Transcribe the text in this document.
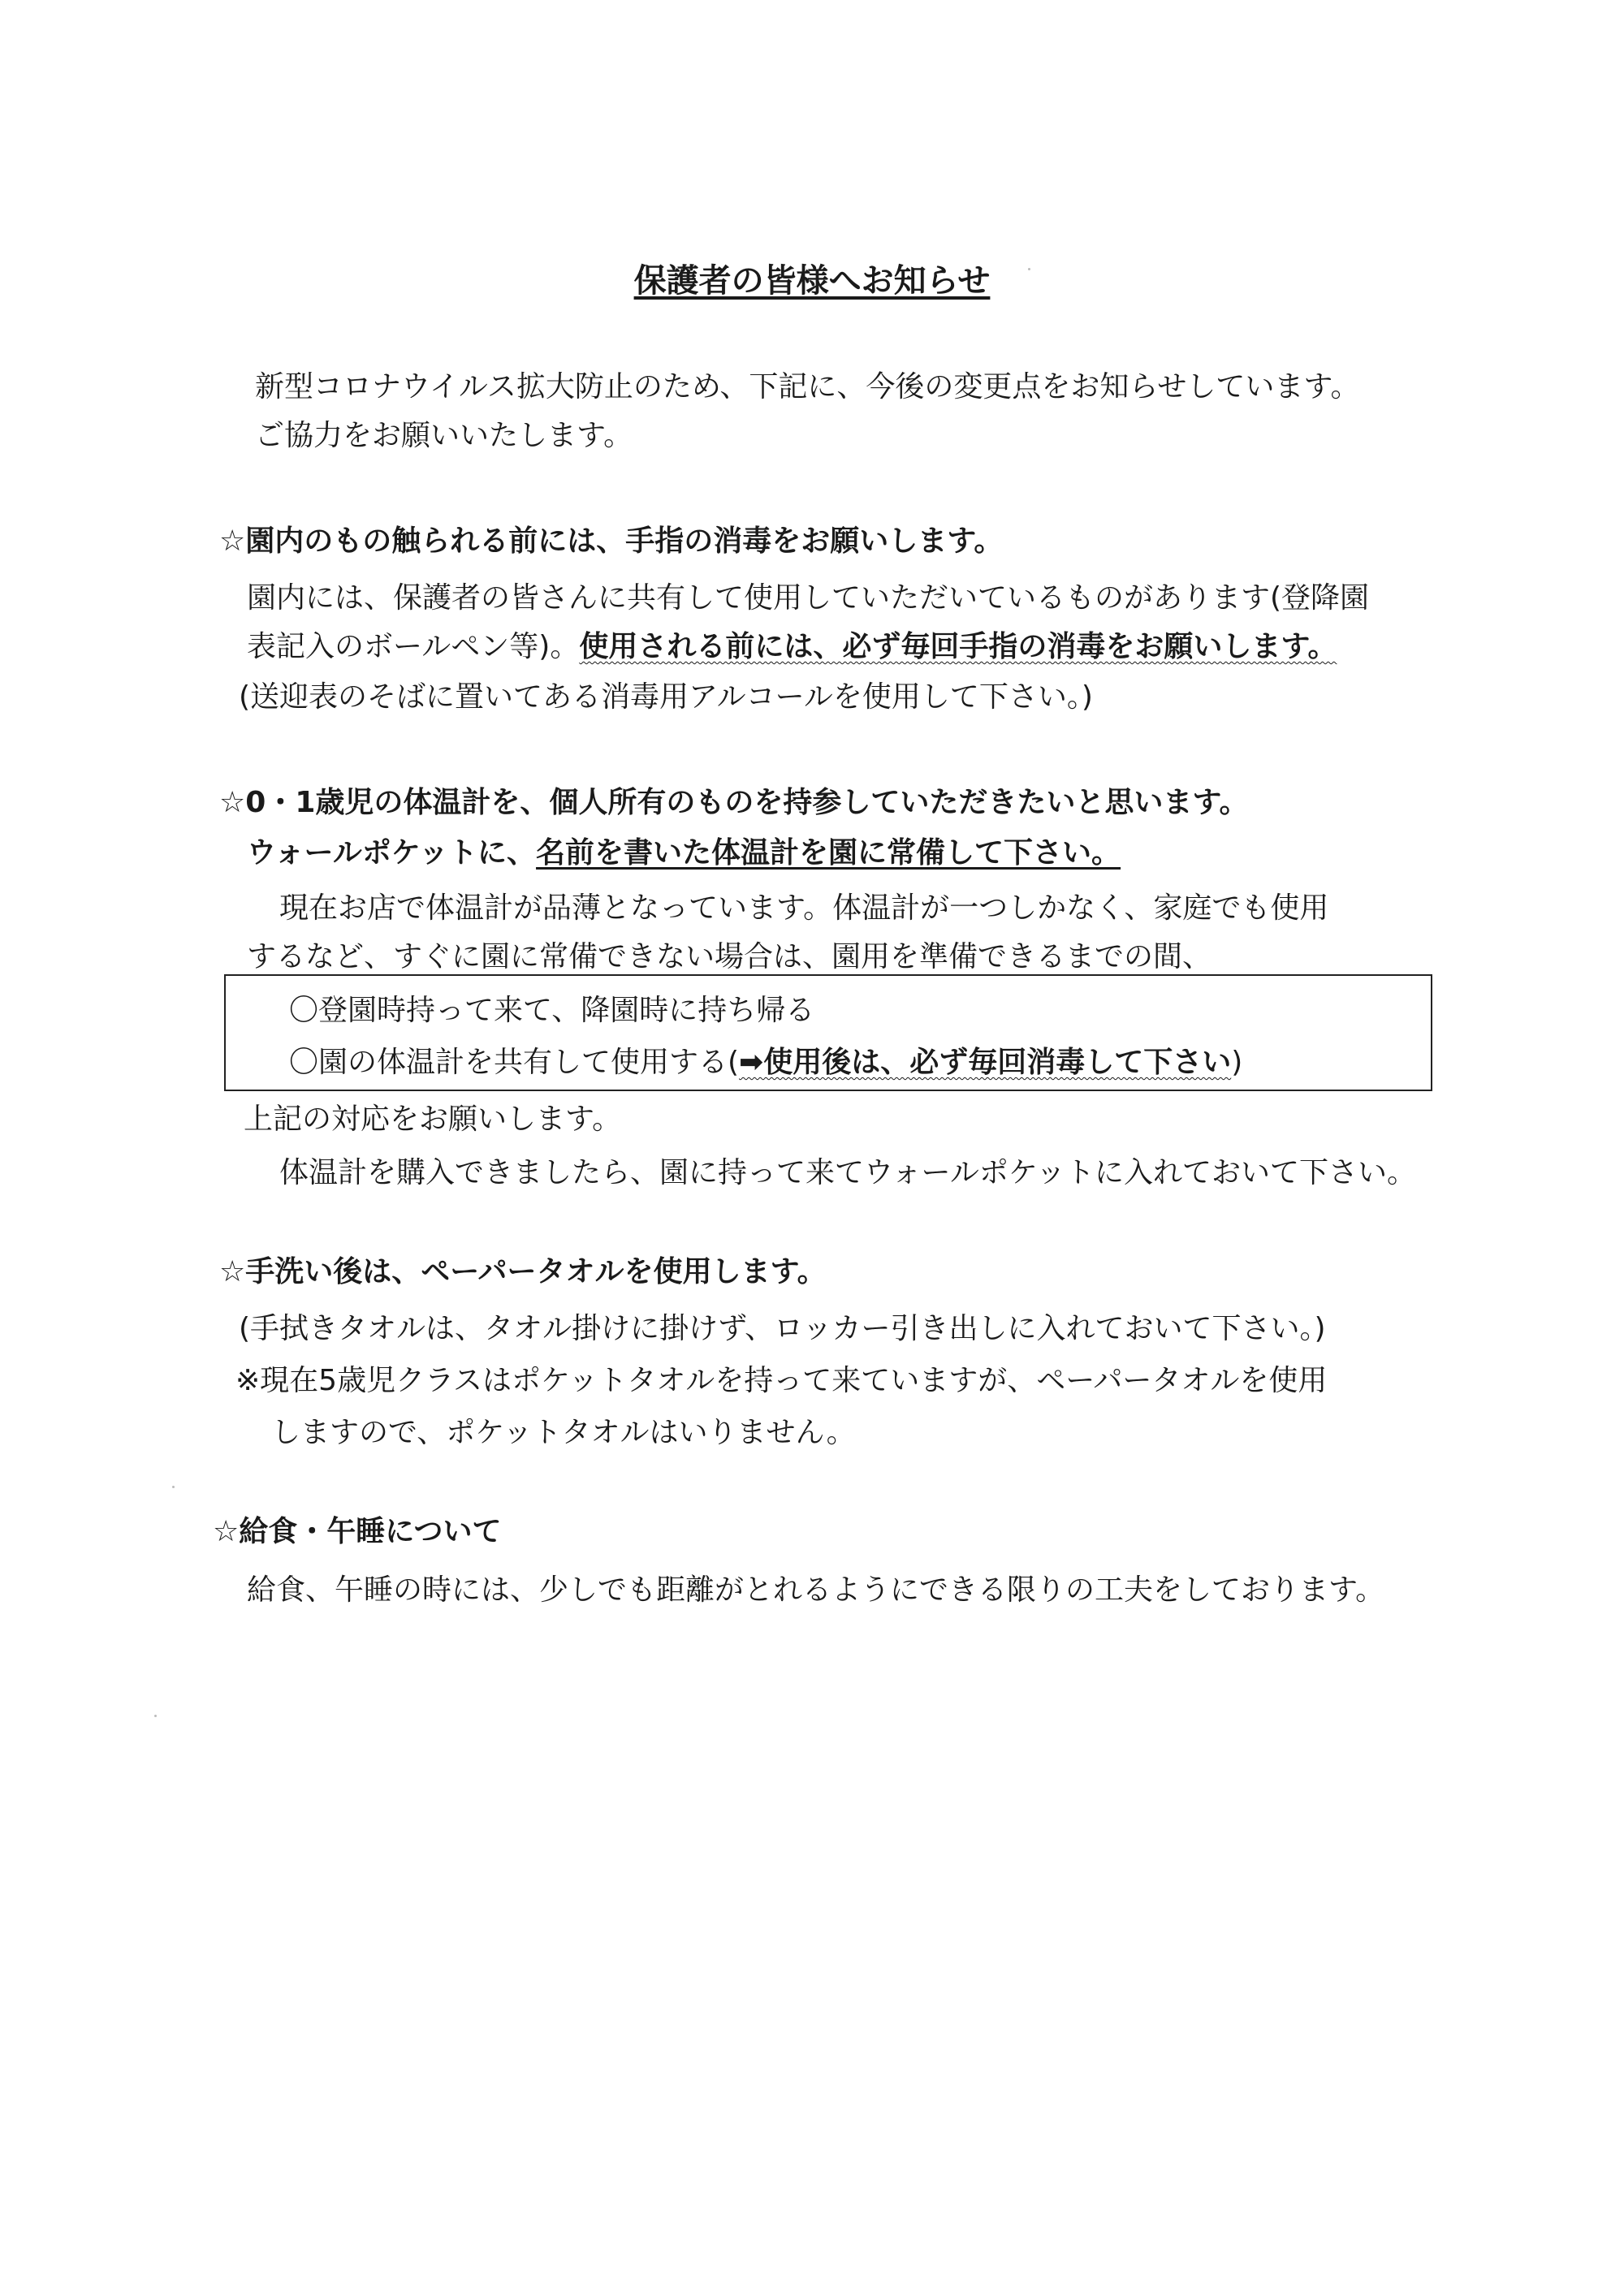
保護者の皆様へお知らせ
新型コロナウイルス拡大防止のため、下記に、今後の変更点をお知らせしています。
ご協力をお願いいたします。
☆園内のもの触られる前には、手指の消毒をお願いします。
園内には、保護者の皆さんに共有して使用していただいているものがあります(登降園
表記入のボールペン等)。使用される前には、必ず毎回手指の消毒をお願いします。
(送迎表のそばに置いてある消毒用アルコールを使用して下さい。)
☆0・1歳児の体温計を、個人所有のものを持参していただきたいと思います。
ウォールポケットに、名前を書いた体温計を園に常備して下さい。
現在お店で体温計が品薄となっています。体温計が一つしかなく、家庭でも使用
するなど、すぐに園に常備できない場合は、園用を準備できるまでの間、
〇登園時持って来て、降園時に持ち帰る
〇園の体温計を共有して使用する(➡使用後は、必ず毎回消毒して下さい)
上記の対応をお願いします。
体温計を購入できましたら、園に持って来てウォールポケットに入れておいて下さい。
☆手洗い後は、ペーパータオルを使用します。
(手拭きタオルは、タオル掛けに掛けず、ロッカー引き出しに入れておいて下さい。)
※現在5歳児クラスはポケットタオルを持って来ていますが、ペーパータオルを使用
しますので、ポケットタオルはいりません。
☆給食・午睡について
給食、午睡の時には、少しでも距離がとれるようにできる限りの工夫をしております。
